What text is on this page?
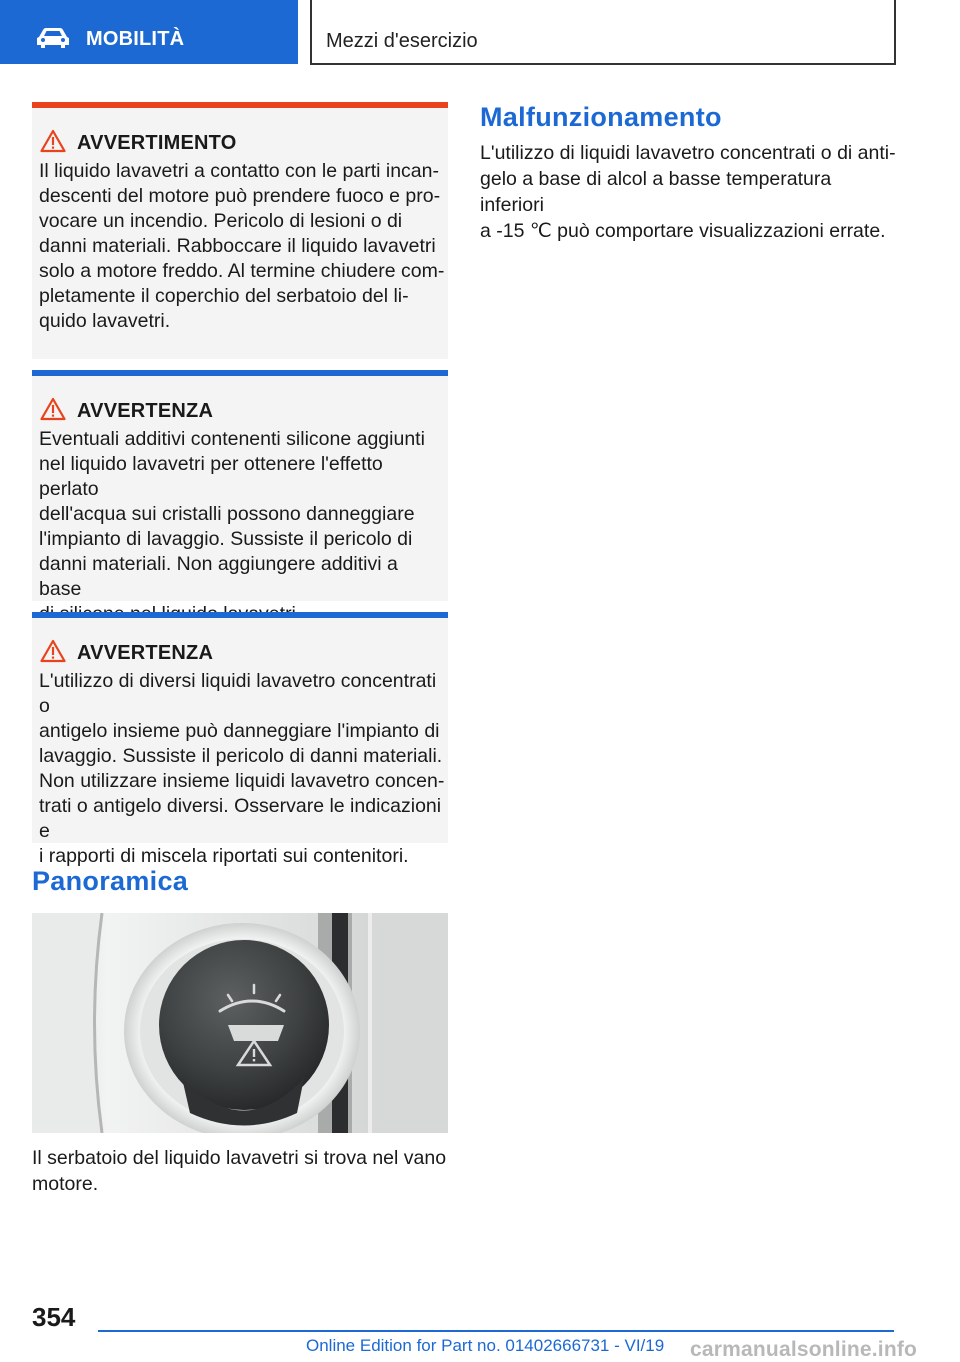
MOBILITÀ	Mezzi d'esercizio
AVVERTIMENTO
Il liquido lavavetri a contatto con le parti incan-
descenti del motore può prendere fuoco e pro-
vocare un incendio. Pericolo di lesioni o di
danni materiali. Rabboccare il liquido lavavetri
solo a motore freddo. Al termine chiudere com-
pletamente il coperchio del serbatoio del li-
quido lavavetri.
AVVERTENZA
Eventuali additivi contenenti silicone aggiunti
nel liquido lavavetri per ottenere l'effetto perlato
dell'acqua sui cristalli possono danneggiare
l'impianto di lavaggio. Sussiste il pericolo di
danni materiali. Non aggiungere additivi a base
AVVERTENZA
L'utilizzo di diversi liquidi lavavetro concentrati o
antigelo insieme può danneggiare l'impianto di
lavaggio. Sussiste il pericolo di danni materiali.
Non utilizzare insieme liquidi lavavetro concen-
trati o antigelo diversi. Osservare le indicazioni e
i rapporti di miscela riportati sui contenitori.
Panoramica
Il serbatoio del liquido lavavetri si trova nel vano
motore.
Malfunzionamento
L'utilizzo di liquidi lavavetro concentrati o di anti-
gelo a base di alcol a basse temperatura inferiori
a -15 ℃ può comportare visualizzazioni errate.
354
Online Edition for Part no. 01402666731 - VI/19 carmanualsonline.info
